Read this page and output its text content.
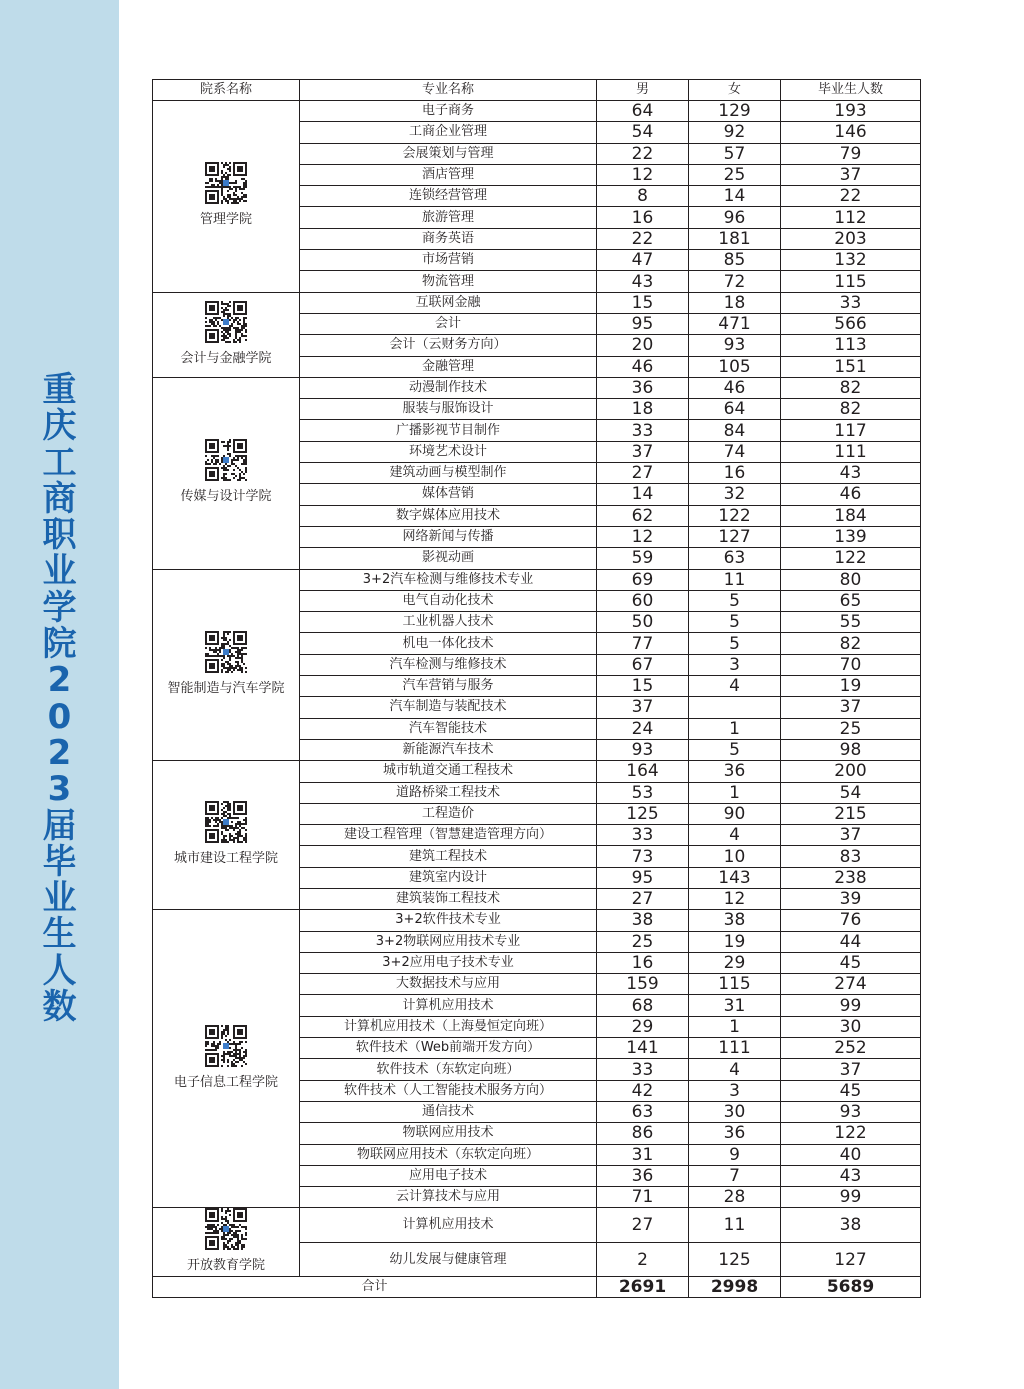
重
庆
工
商
职
业
学
院
2
0
2
3
届
毕
业
生
人
数
院系名称	专业名称	男	女	毕业生人数

管理学院	电子商务	64	129	193
	工商企业管理	54	92	146
	会展策划与管理	22	57	79
	酒店管理	12	25	37
	连锁经营管理	8	14	22
	旅游管理	16	96	112
	商务英语	22	181	203
	市场营销	47	85	132
	物流管理	43	72	115

会计与金融学院	互联网金融	15	18	33
	会计	95	471	566
	会计（云财务方向）	20	93	113
	金融管理	46	105	151

传媒与设计学院	动漫制作技术	36	46	82
	服装与服饰设计	18	64	82
	广播影视节目制作	33	84	117
	环境艺术设计	37	74	111
	建筑动画与模型制作	27	16	43
	媒体营销	14	32	46
	数字媒体应用技术	62	122	184
	网络新闻与传播	12	127	139
	影视动画	59	63	122

智能制造与汽车学院	3+2汽车检测与维修技术专业	69	11	80
	电气自动化技术	60	5	65
	工业机器人技术	50	5	55
	机电一体化技术	77	5	82
	汽车检测与维修技术	67	3	70
	汽车营销与服务	15	4	19
	汽车制造与装配技术	37		37
	汽车智能技术	24	1	25
	新能源汽车技术	93	5	98

城市建设工程学院	城市轨道交通工程技术	164	36	200
	道路桥梁工程技术	53	1	54
	工程造价	125	90	215
	建设工程管理（智慧建造管理方向）	33	4	37
	建筑工程技术	73	10	83
	建筑室内设计	95	143	238
	建筑装饰工程技术	27	12	39

电子信息工程学院	3+2软件技术专业	38	38	76
	3+2物联网应用技术专业	25	19	44
	3+2应用电子技术专业	16	29	45
	大数据技术与应用	159	115	274
	计算机应用技术	68	31	99
	计算机应用技术（上海曼恒定向班）	29	1	30
	软件技术（Web前端开发方向）	141	111	252
	软件技术（东软定向班）	33	4	37
	软件技术（人工智能技术服务方向）	42	3	45
	通信技术	63	30	93
	物联网应用技术	86	36	122
	物联网应用技术（东软定向班）	31	9	40
	应用电子技术	36	7	43
	云计算技术与应用	71	28	99

开放教育学院	计算机应用技术	27	11	38
	幼儿发展与健康管理	2	125	127
合计		2691	2998	5689
